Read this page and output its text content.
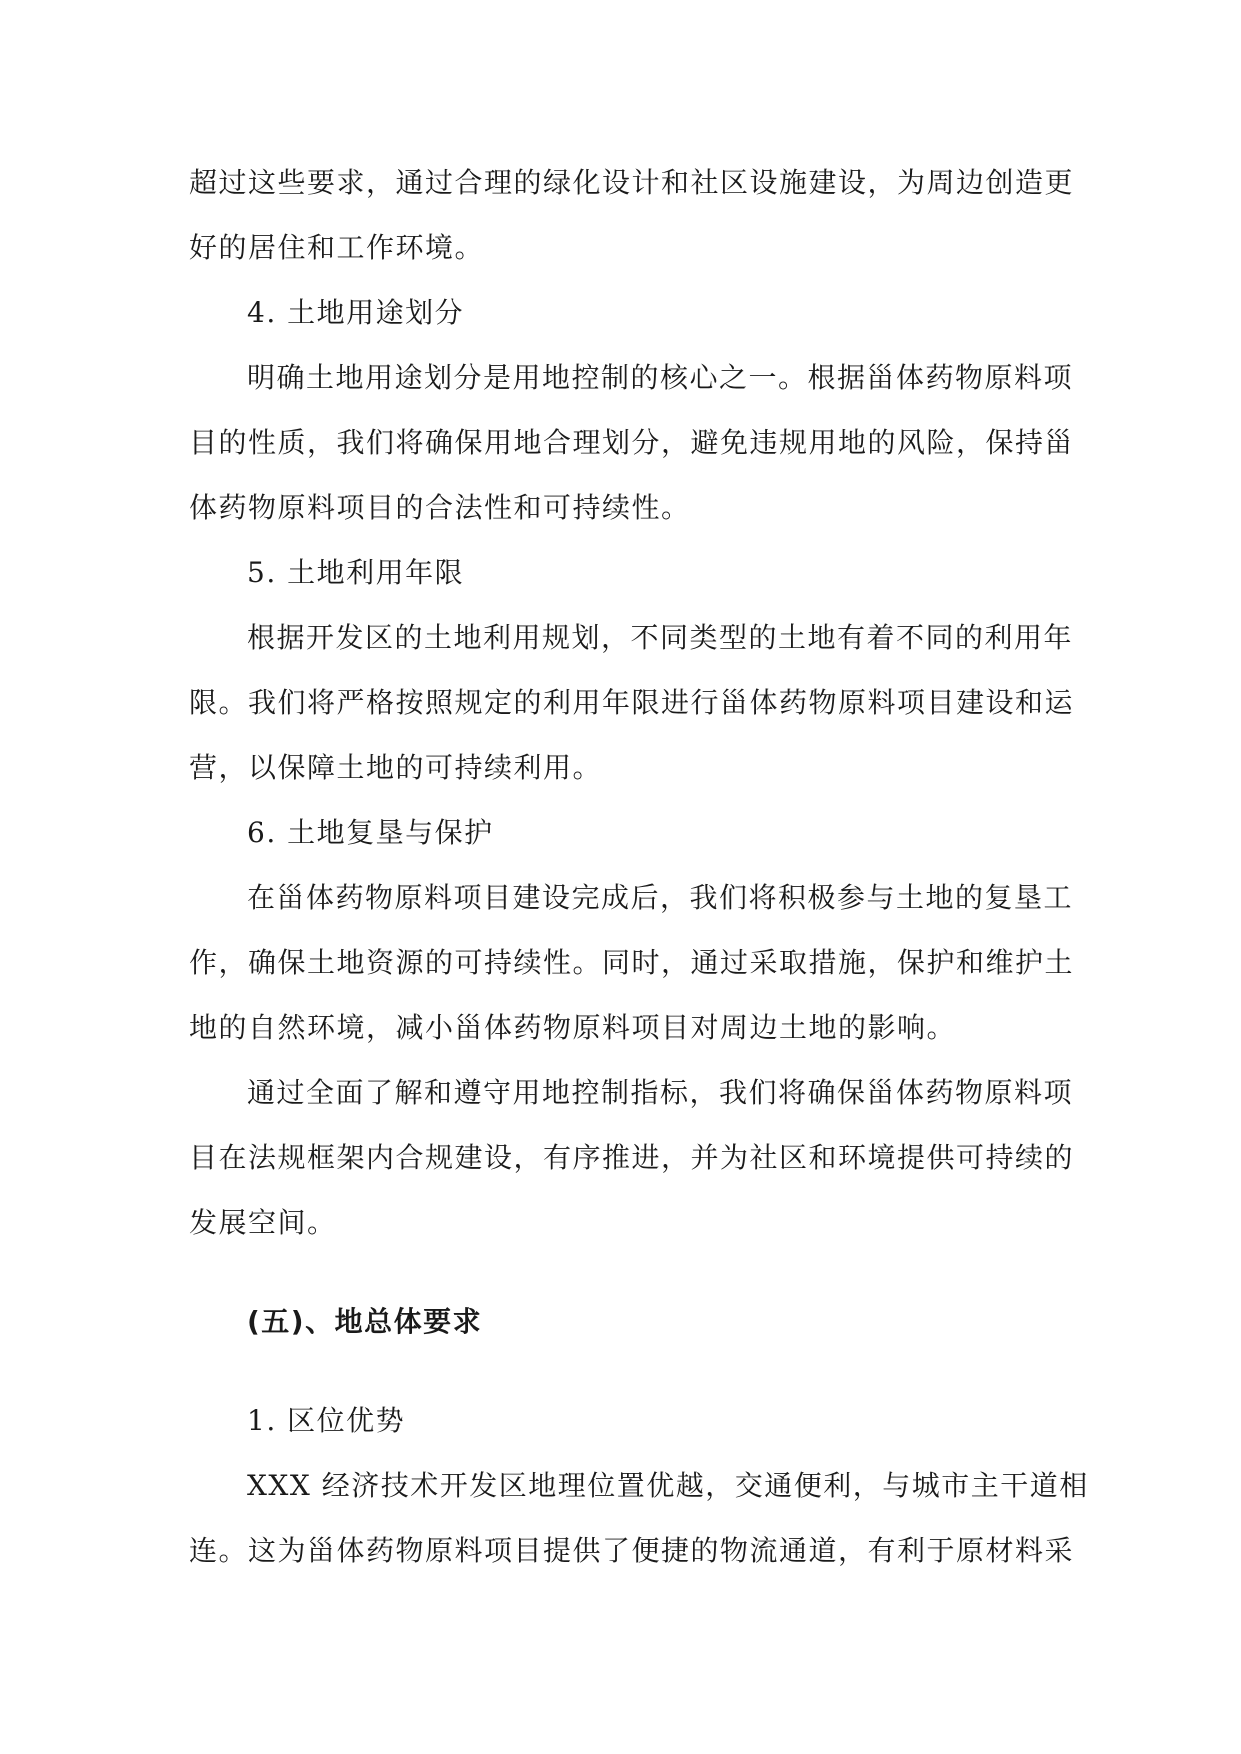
超过这些要求，通过合理的绿化设计和社区设施建设，为周边创造更
好的居住和工作环境。
4. 土地用途划分
明确土地用途划分是用地控制的核心之一。根据甾体药物原料项
目的性质，我们将确保用地合理划分，避免违规用地的风险，保持甾
体药物原料项目的合法性和可持续性。
5. 土地利用年限
根据开发区的土地利用规划，不同类型的土地有着不同的利用年
限。我们将严格按照规定的利用年限进行甾体药物原料项目建设和运
营，以保障土地的可持续利用。
6. 土地复垦与保护
在甾体药物原料项目建设完成后，我们将积极参与土地的复垦工
作，确保土地资源的可持续性。同时，通过采取措施，保护和维护土
地的自然环境，减小甾体药物原料项目对周边土地的影响。
通过全面了解和遵守用地控制指标，我们将确保甾体药物原料项
目在法规框架内合规建设，有序推进，并为社区和环境提供可持续的
发展空间。
(五)、地总体要求
1. 区位优势
XXX 经济技术开发区地理位置优越，交通便利，与城市主干道相
连。这为甾体药物原料项目提供了便捷的物流通道，有利于原材料采
